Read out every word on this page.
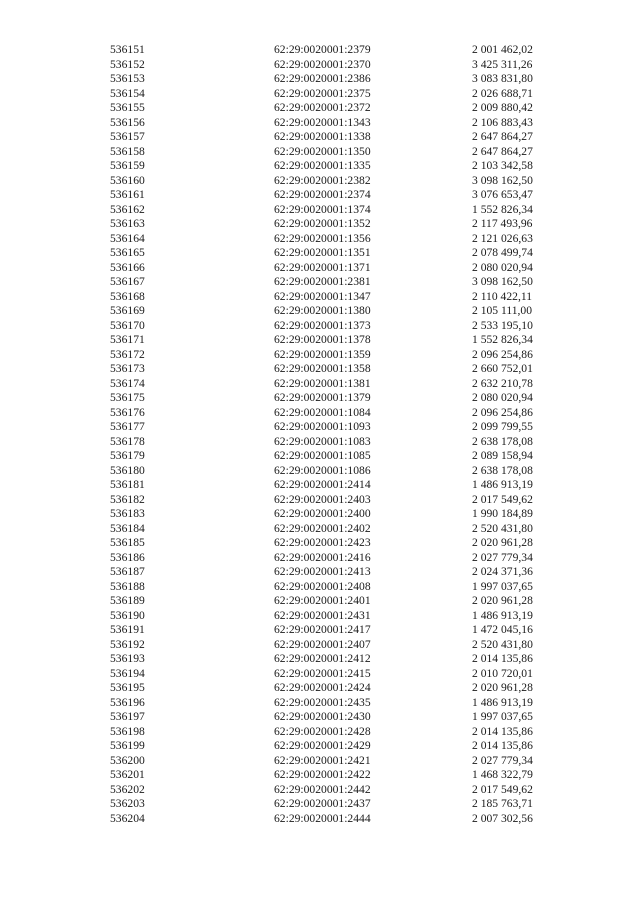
536151	62:29:0020001:2379	2 001 462,02
536152	62:29:0020001:2370	3 425 311,26
536153	62:29:0020001:2386	3 083 831,80
536154	62:29:0020001:2375	2 026 688,71
536155	62:29:0020001:2372	2 009 880,42
536156	62:29:0020001:1343	2 106 883,43
536157	62:29:0020001:1338	2 647 864,27
536158	62:29:0020001:1350	2 647 864,27
536159	62:29:0020001:1335	2 103 342,58
536160	62:29:0020001:2382	3 098 162,50
536161	62:29:0020001:2374	3 076 653,47
536162	62:29:0020001:1374	1 552 826,34
536163	62:29:0020001:1352	2 117 493,96
536164	62:29:0020001:1356	2 121 026,63
536165	62:29:0020001:1351	2 078 499,74
536166	62:29:0020001:1371	2 080 020,94
536167	62:29:0020001:2381	3 098 162,50
536168	62:29:0020001:1347	2 110 422,11
536169	62:29:0020001:1380	2 105 111,00
536170	62:29:0020001:1373	2 533 195,10
536171	62:29:0020001:1378	1 552 826,34
536172	62:29:0020001:1359	2 096 254,86
536173	62:29:0020001:1358	2 660 752,01
536174	62:29:0020001:1381	2 632 210,78
536175	62:29:0020001:1379	2 080 020,94
536176	62:29:0020001:1084	2 096 254,86
536177	62:29:0020001:1093	2 099 799,55
536178	62:29:0020001:1083	2 638 178,08
536179	62:29:0020001:1085	2 089 158,94
536180	62:29:0020001:1086	2 638 178,08
536181	62:29:0020001:2414	1 486 913,19
536182	62:29:0020001:2403	2 017 549,62
536183	62:29:0020001:2400	1 990 184,89
536184	62:29:0020001:2402	2 520 431,80
536185	62:29:0020001:2423	2 020 961,28
536186	62:29:0020001:2416	2 027 779,34
536187	62:29:0020001:2413	2 024 371,36
536188	62:29:0020001:2408	1 997 037,65
536189	62:29:0020001:2401	2 020 961,28
536190	62:29:0020001:2431	1 486 913,19
536191	62:29:0020001:2417	1 472 045,16
536192	62:29:0020001:2407	2 520 431,80
536193	62:29:0020001:2412	2 014 135,86
536194	62:29:0020001:2415	2 010 720,01
536195	62:29:0020001:2424	2 020 961,28
536196	62:29:0020001:2435	1 486 913,19
536197	62:29:0020001:2430	1 997 037,65
536198	62:29:0020001:2428	2 014 135,86
536199	62:29:0020001:2429	2 014 135,86
536200	62:29:0020001:2421	2 027 779,34
536201	62:29:0020001:2422	1 468 322,79
536202	62:29:0020001:2442	2 017 549,62
536203	62:29:0020001:2437	2 185 763,71
536204	62:29:0020001:2444	2 007 302,56
